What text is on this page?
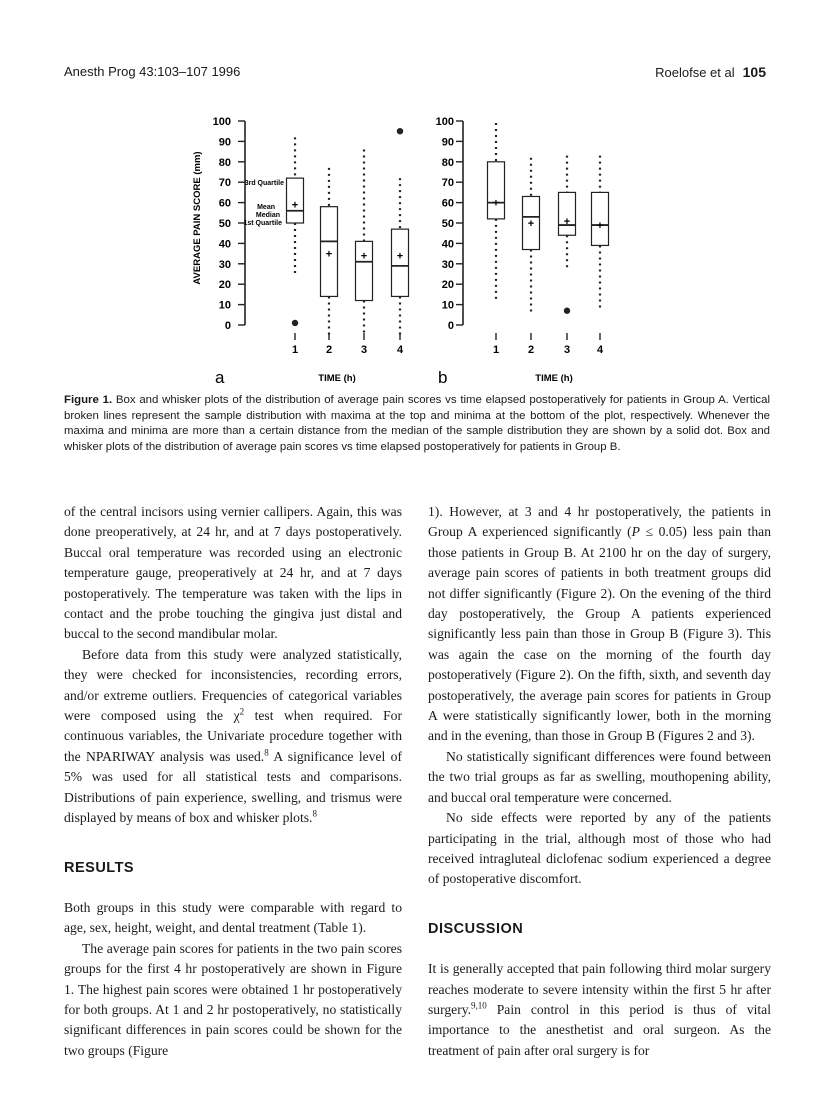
Anesth Prog 43:103–107 1996	Roelofse et al 105
100
90
80
70
60
50
40
30
20
10
0
1	2	3	4
+
+	+	+
100
90
80
70
60
50
40
30
20
10
0
1	2	3 4
+
+	+ +
AVERAGE PAIN SCORE (mm)
a	b
TIME (h)	TIME (h)
3rd Quartile
Mean
Median
1st Quartile
Figure 1. Box and whisker plots of the distribution of average pain scores vs time elapsed postoperatively for patients in Group A. Vertical broken lines represent the sample distribution with maxima at the top and minima at the bottom of the plot, respectively. Whenever the maxima and minima are more than a certain distance from the median of the sample distribution they are shown by a solid dot. Box and whisker plots of the distribution of average pain scores vs time elapsed postoperatively for patients in Group B.

of the central incisors using vernier callipers. Again, this was done preoperatively, at 24 hr, and at 7 days postoperatively. Buccal oral temperature was recorded using an electronic temperature gauge, preoperatively at 24 hr, and at 7 days postoperatively. The temperature was taken with the lips in contact and the probe touching the gingiva just distal and buccal to the second mandibular molar.

Before data from this study were analyzed statistically, they were checked for inconsistencies, recording errors, and/or extreme outliers. Frequencies of categorical variables were composed using the $\chi^2$ test when required. For continuous variables, the Univariate procedure together with the NPARIWAY analysis was used.$^8$ A significance level of 5% was used for all statistical tests and comparisons. Distributions of pain experience, swelling, and trismus were displayed by means of box and whisker plots.$^8$

RESULTS

Both groups in this study were comparable with regard to age, sex, height, weight, and dental treatment (Table 1).

The average pain scores for patients in the two pain scores groups for the first 4 hr postoperatively are shown in Figure 1. The highest pain scores were obtained 1 hr postoperatively for both groups. At 1 and 2 hr postoperatively, no statistically significant differences in pain scores could be shown for the two groups (Figure

1). However, at 3 and 4 hr postoperatively, the patients in Group A experienced significantly (P ≤ 0.05) less pain than those patients in Group B. At 2100 hr on the day of surgery, average pain scores of patients in both treatment groups did not differ significantly (Figure 2). On the evening of the third day postoperatively, the Group A patients experienced significantly less pain than those in Group B (Figure 3). This was again the case on the morning of the fourth day postoperatively (Figure 2). On the fifth, sixth, and seventh day postoperatively, the average pain scores for patients in Group A were statistically significantly lower, both in the morning and in the evening, than those in Group B (Figures 2 and 3).

No statistically significant differences were found between the two trial groups as far as swelling, mouthopening ability, and buccal oral temperature were concerned.

No side effects were reported by any of the patients participating in the trial, although most of those who had received intragluteal diclofenac sodium experienced a degree of postoperative discomfort.

DISCUSSION

It is generally accepted that pain following third molar surgery reaches moderate to severe intensity within the first 5 hr after surgery.$^{9,10}$ Pain control in this period is thus of vital importance to the anesthetist and oral surgeon. As the treatment of pain after oral surgery is for
